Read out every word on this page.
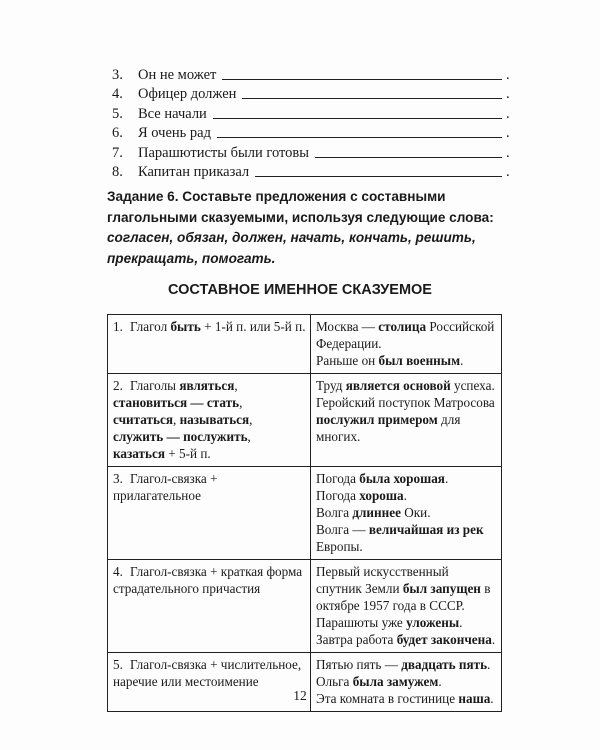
3.	Он не может	.
4.	Офицер должен	.
5.	Все начали	.
6.	Я очень рад	.
7.	Парашютисты были готовы	.
8.	Капитан приказал	.
Задание 6. Составьте предложения с составными глагольными сказуемыми, используя следующие слова: согласен, обязан, должен, начать, кончать, решить, прекращать, помогать.
СОСТАВНОЕ ИМЕННОЕ СКАЗУЕМОЕ
1. Глагол быть + 1-й п. или 5-й п.	Москва — столица Российской Федерации.
Раньше он был военным.

2. Глаголы являться, становиться — стать, считаться, называться, служить — послужить, казаться + 5-й п.	Труд является основой успеха.
Геройский поступок Матросова послужил примером для многих.

3. Глагол-связка + прилагательное	Погода была хорошая.
Погода хороша.
Волга длиннее Оки.
Волга — величайшая из рек Европы.

4. Глагол-связка + краткая форма страдательного причастия	Первый искусственный спутник Земли был запущен в октябре 1957 года в СССР.
Парашюты уже уложены.
Завтра работа будет закончена.

5. Глагол-связка + числительное, наречие или местоимение	Пятью пять — двадцать пять.
Ольга была замужем.
Эта комната в гостинице наша.
12
